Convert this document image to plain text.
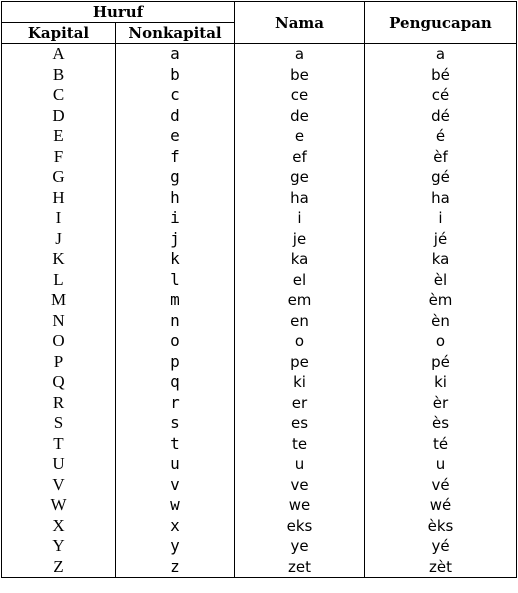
Huruf		Nama	Pengucapan
Kapital	Nonkapital		
A	a	a	a
B	b	be	bé
C	c	ce	cé
D	d	de	dé
E	e	e	é
F	f	ef	èf
G	g	ge	gé
H	h	ha	ha
I	i	i	i
J	j	je	jé
K	k	ka	ka
L	l	el	èl
M	m	em	èm
N	n	en	èn
O	o	o	o
P	p	pe	pé
Q	q	ki	ki
R	r	er	èr
S	s	es	ès
T	t	te	té
U	u	u	u
V	v	ve	vé
W	w	we	wé
X	x	eks	èks
Y	y	ye	yé
Z	z	zet	zèt
